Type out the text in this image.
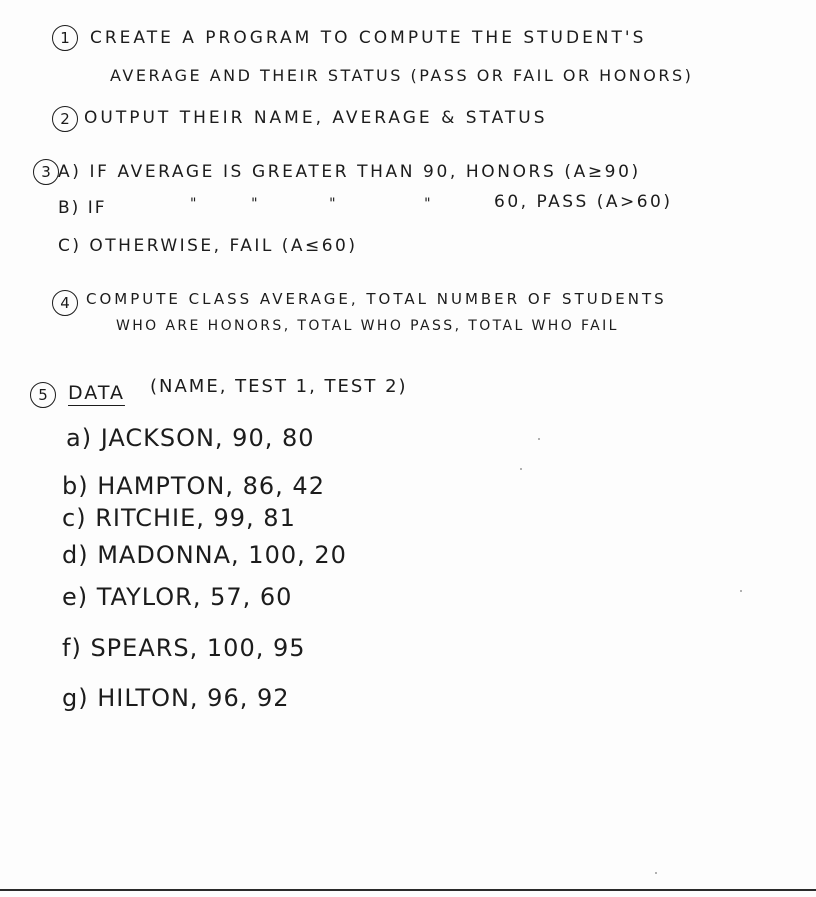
1 CREATE A PROGRAM TO COMPUTE THE STUDENT'S
AVERAGE AND THEIR STATUS (PASS OR FAIL OR HONORS)
2 OUTPUT THEIR NAME, AVERAGE & STATUS
3 A) IF AVERAGE IS GREATER THAN 90, HONORS (A≥90)
B) IF	"      "        "          "	60, PASS (A>60)
C) OTHERWISE, FAIL (A≤60)
4 COMPUTE CLASS AVERAGE, TOTAL NUMBER OF STUDENTS
WHO ARE HONORS, TOTAL WHO PASS, TOTAL WHO FAIL
5 DATA (NAME, TEST 1, TEST 2)
a) JACKSON, 90, 80
b) HAMPTON, 86, 42
c) RITCHIE, 99, 81
d) MADONNA, 100, 20
e) TAYLOR, 57, 60
f) SPEARS, 100, 95
g) HILTON, 96, 92
